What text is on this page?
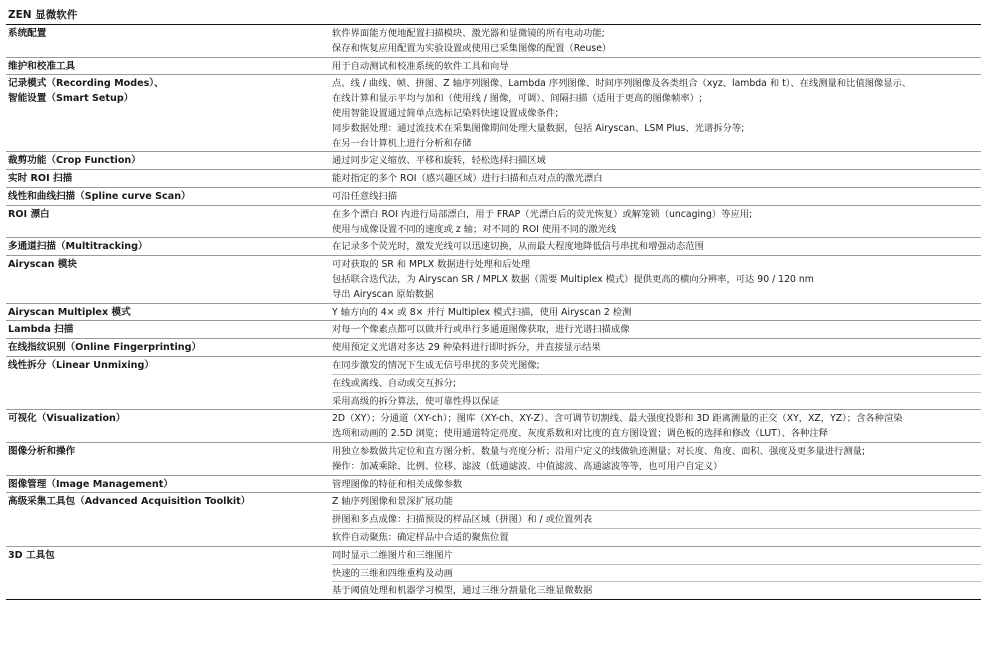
ZEN 显微软件
系统配置	软件界面能方便地配置扫描模块、激光器和显微镜的所有电动功能;
保存和恢复应用配置为实验设置或使用已采集图像的配置（Reuse）

维护和校准工具	用于自动测试和校准系统的软件工具和向导

记录模式（Recording Modes）、
智能设置（Smart Setup）	点、线 / 曲线、帧、拼图、Z 轴序列图像、Lambda 序列图像、时间序列图像及各类组合（xyz、lambda 和 t）、在线测量和比值图像显示、
在线计算和显示平均与加和（使用线 / 图像，可调）、间隔扫描（适用于更高的图像帧率）;
使用智能设置通过简单点选标记染料快速设置成像条件;
同步数据处理：通过流技术在采集图像期间处理大量数据，包括 Airyscan、LSM Plus、光谱拆分等;
在另一台计算机上进行分析和存储

裁剪功能（Crop Function）	通过同步定义缩放、平移和旋转，轻松选择扫描区域

实时 ROI 扫描	能对指定的多个 ROI（感兴趣区域）进行扫描和点对点的激光漂白

线性和曲线扫描（Spline curve Scan）	可沿任意线扫描

ROI 漂白	在多个漂白 ROI 内进行局部漂白，用于 FRAP（光漂白后的荧光恢复）或解笼锁（uncaging）等应用;
使用与成像设置不同的速度或 z 轴；对不同的 ROI 使用不同的激光线

多通道扫描（Multitracking）	在记录多个荧光时，激发光线可以迅速切换，从而最大程度地降低信号串扰和增强动态范围

Airyscan 模块	可对获取的 SR 和 MPLX 数据进行处理和后处理
包括联合迭代法，为 Airyscan SR / MPLX 数据（需要 Multiplex 模式）提供更高的横向分辨率，可达 90 / 120 nm
导出 Airyscan 原始数据

Airyscan Multiplex 模式	Y 轴方向的 4× 或 8× 并行 Multiplex 模式扫描，使用 Airyscan 2 检测

Lambda 扫描	对每一个像素点都可以做并行或串行多通道图像获取，进行光谱扫描成像

在线指纹识别（Online Fingerprinting）	使用预定义光谱对多达 29 种染料进行即时拆分，并直接显示结果

线性拆分（Linear Unmixing）	在同步激发的情况下生成无信号串扰的多荧光图像;
在线或离线、自动或交互拆分;
采用高级的拆分算法，使可靠性得以保证

可视化（Visualization）	2D（XY）；分通道（XY-ch）；图库（XY-ch、XY-Z）、含可调节切割线、最大强度投影和 3D 距离测量的正交（XY，XZ，YZ）；含各种渲染
选项和动画的 2.5D 浏览；使用通道特定亮度、灰度系数和对比度的直方图设置；调色板的选择和修改（LUT）、各种注释

图像分析和操作	用独立参数做共定位和直方图分析、数量与亮度分析；沿用户定义的线做轨迹测量；对长度、角度、面积、强度及更多量进行测量;
操作：加减乘除、比例、位移、滤波（低通滤波、中值滤波、高通滤波等等，也可用户自定义）

图像管理（Image Management）	管理图像的特征和相关成像参数

高级采集工具包（Advanced Acquisition Toolkit）	Z 轴序列图像和景深扩展功能
拼图和多点成像：扫描预设的样品区域（拼图）和 / 或位置列表
软件自动聚焦：确定样品中合适的聚焦位置

3D 工具包	同时显示二维图片和三维图片
快速的三维和四维重构及动画
基于阈值处理和机器学习模型，通过三维分割量化三维显微数据
